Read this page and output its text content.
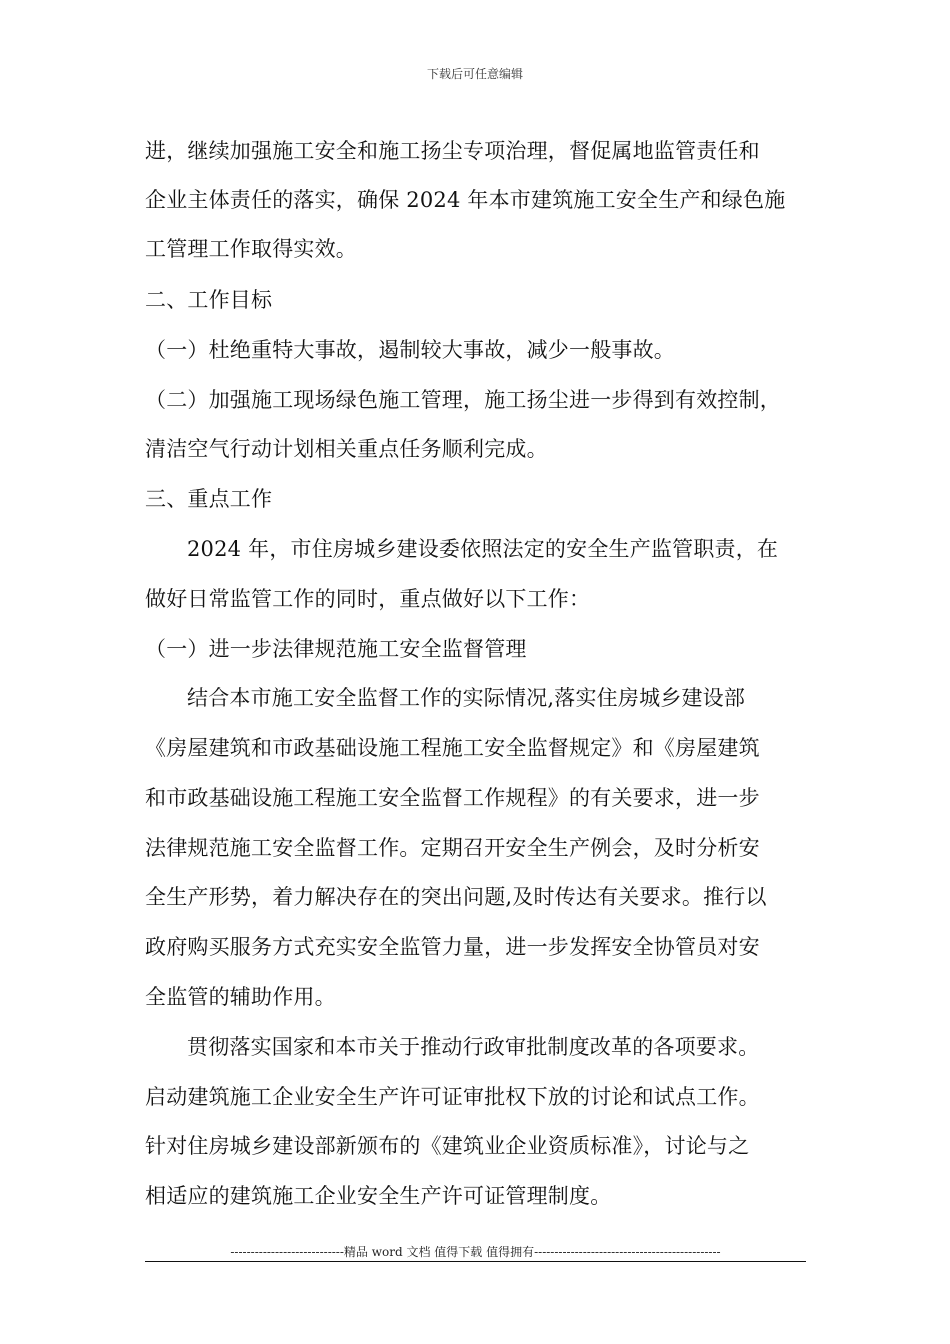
下载后可任意编辑
进，继续加强施工安全和施工扬尘专项治理，督促属地监管责任和
企业主体责任的落实，确保 2024 年本市建筑施工安全生产和绿色施
工管理工作取得实效。
二、工作目标
（一）杜绝重特大事故，遏制较大事故，减少一般事故。
（二）加强施工现场绿色施工管理，施工扬尘进一步得到有效控制，
清洁空气行动计划相关重点任务顺利完成。
三、重点工作
2024 年，市住房城乡建设委依照法定的安全生产监管职责，在
做好日常监管工作的同时，重点做好以下工作：
（一）进一步法律规范施工安全监督管理
结合本市施工安全监督工作的实际情况,落实住房城乡建设部
《房屋建筑和市政基础设施工程施工安全监督规定》和《房屋建筑
和市政基础设施工程施工安全监督工作规程》的有关要求，进一步
法律规范施工安全监督工作。定期召开安全生产例会，及时分析安
全生产形势，着力解决存在的突出问题,及时传达有关要求。推行以
政府购买服务方式充实安全监管力量，进一步发挥安全协管员对安
全监管的辅助作用。
贯彻落实国家和本市关于推动行政审批制度改革的各项要求。
启动建筑施工企业安全生产许可证审批权下放的讨论和试点工作。
针对住房城乡建设部新颁布的《建筑业企业资质标准》，讨论与之
相适应的建筑施工企业安全生产许可证管理制度。
----------------------------精品 word 文档 值得下载 值得拥有----------------------------------------------
